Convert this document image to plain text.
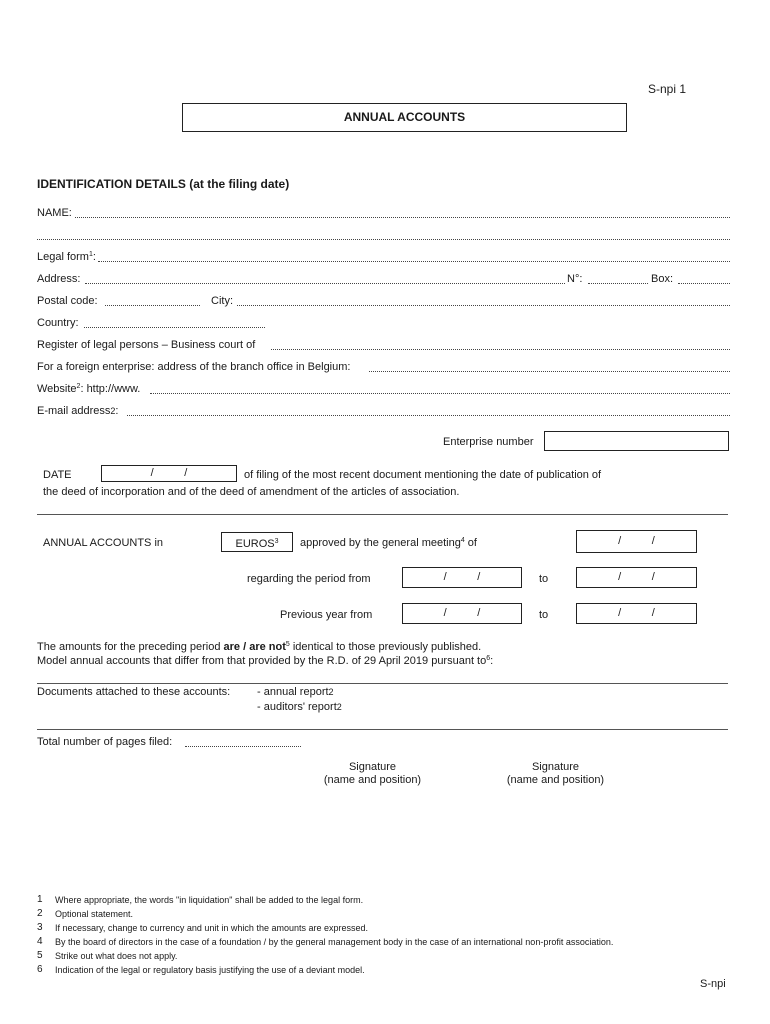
S-npi 1
ANNUAL ACCOUNTS
IDENTIFICATION DETAILS (at the filing date)
NAME:
Legal form$^1$:
Address:	N°:	Box:
Postal code:	City:
Country:
Register of legal persons – Business court of
For a foreign enterprise: address of the branch office in Belgium:
Website$^2$: http://www.
E-mail address2:
Enterprise number
DATE	/          /	of filing of the most recent document mentioning the date of publication of
the deed of incorporation and of the deed of amendment of the articles of association.
ANNUAL ACCOUNTS in	EUROS$^3$	approved by the general meeting$^4$ of	/          /
regarding the period from	/          /	to	/          /
Previous year from	/          /	to	/          /
The amounts for the preceding period are / are not$^5$ identical to those previously published.
Model annual accounts that differ from that provided by the R.D. of 29 April 2019 pursuant $to^6$:
Documents attached to these accounts: - annual report2
- auditors' report2
Total number of pages filed:
Signature
(name and position)
Signature
(name and position)
1 Where appropriate, the words "in liquidation" shall be added to the legal form.
2 Optional statement.
3 If necessary, change to currency and unit in which the amounts are expressed.
4 By the board of directors in the case of a foundation / by the general management body in the case of an international non-profit association.
5 Strike out what does not apply.
6 Indication of the legal or regulatory basis justifying the use of a deviant model.
S-npi
